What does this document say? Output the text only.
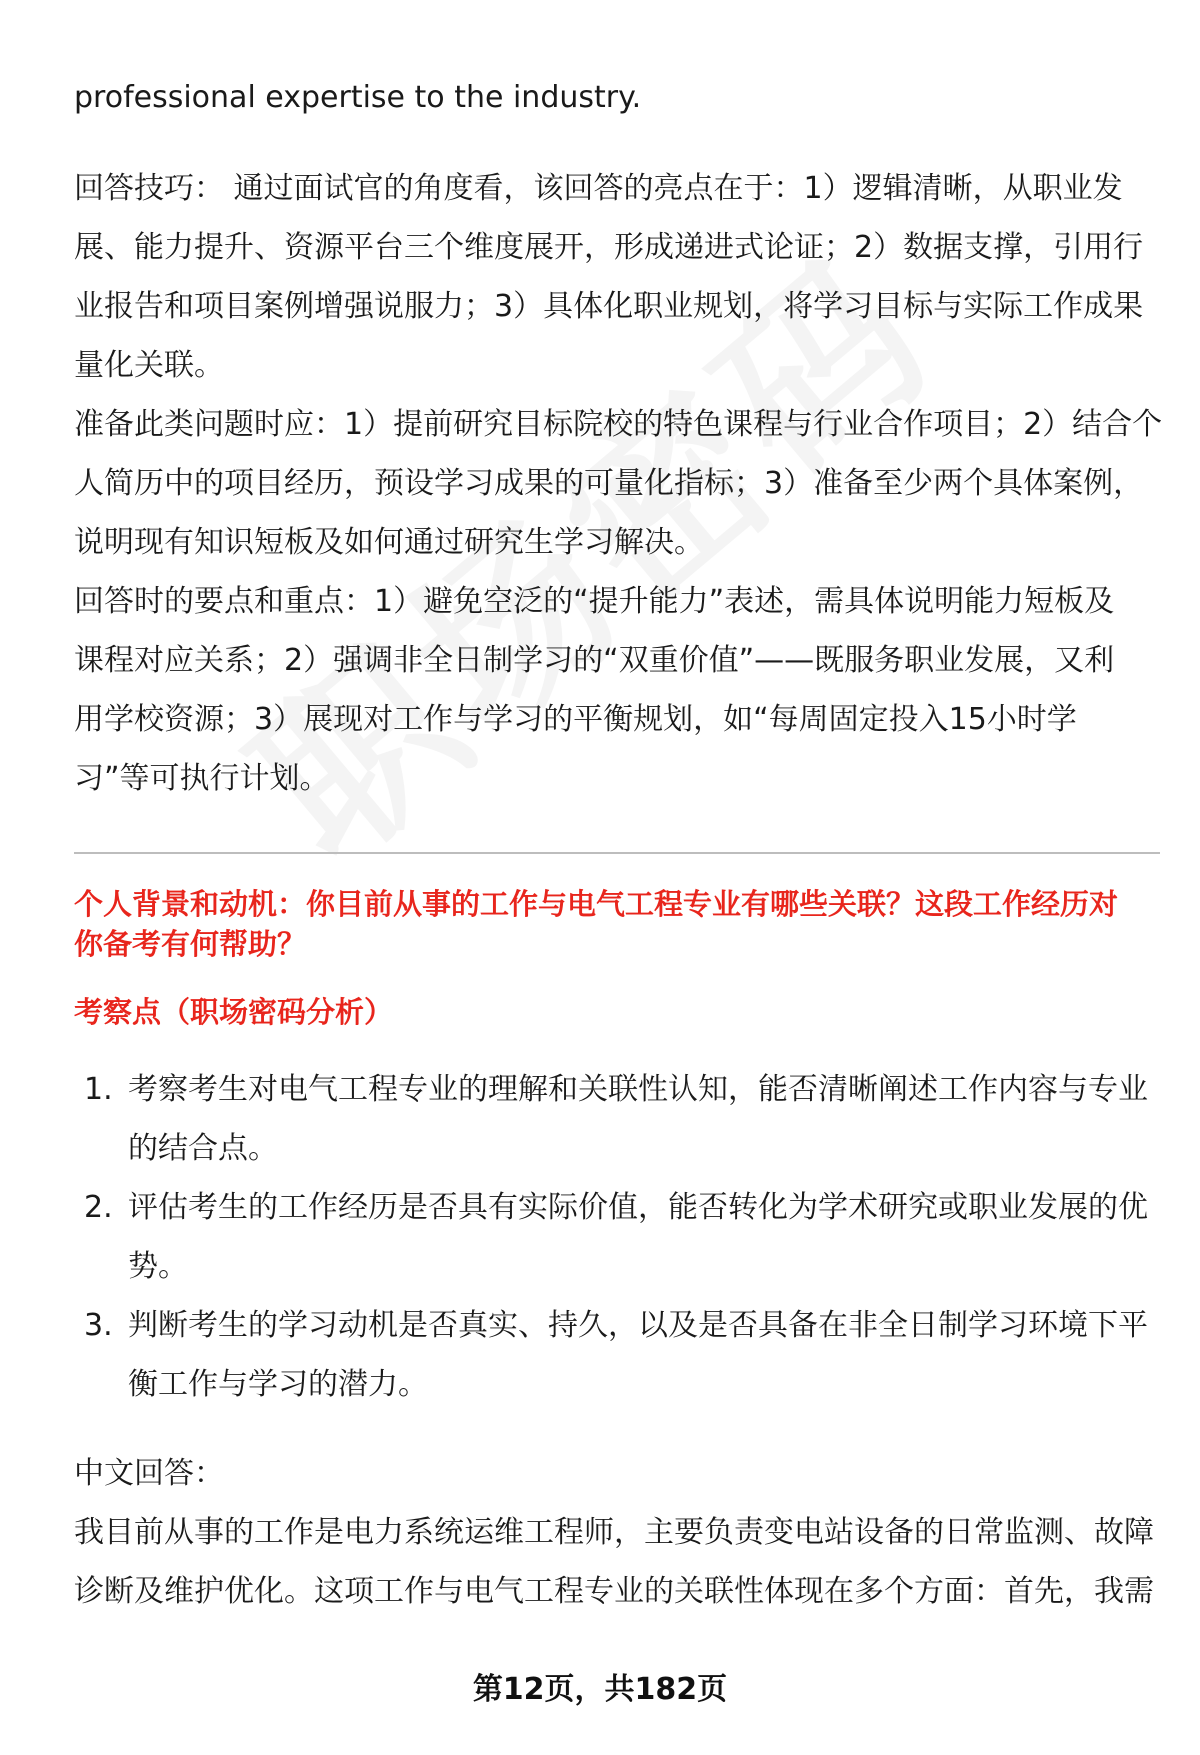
professional expertise to the industry.
回答技巧： 通过面试官的角度看，该回答的亮点在于：1）逻辑清晰，从职业发
展、能力提升、资源平台三个维度展开，形成递进式论证；2）数据支撑，引用行
业报告和项目案例增强说服力；3）具体化职业规划，将学习目标与实际工作成果
量化关联。
准备此类问题时应：1）提前研究目标院校的特色课程与行业合作项目；2）结合个
人简历中的项目经历，预设学习成果的可量化指标；3）准备至少两个具体案例，
说明现有知识短板及如何通过研究生学习解决。
回答时的要点和重点：1）避免空泛的“提升能力”表述，需具体说明能力短板及
课程对应关系；2）强调非全日制学习的“双重价值”——既服务职业发展，又利
用学校资源；3）展现对工作与学习的平衡规划，如“每周固定投入15小时学
习”等可执行计划。
个人背景和动机：你目前从事的工作与电气工程专业有哪些关联？这段工作经历对
你备考有何帮助？
考察点（职场密码分析）
1. 考察考生对电气工程专业的理解和关联性认知，能否清晰阐述工作内容与专业
的结合点。
2. 评估考生的工作经历是否具有实际价值，能否转化为学术研究或职业发展的优
势。
3. 判断考生的学习动机是否真实、持久，以及是否具备在非全日制学习环境下平
衡工作与学习的潜力。
中文回答：
我目前从事的工作是电力系统运维工程师，主要负责变电站设备的日常监测、故障
诊断及维护优化。这项工作与电气工程专业的关联性体现在多个方面：首先，我需
第12页，共182页
